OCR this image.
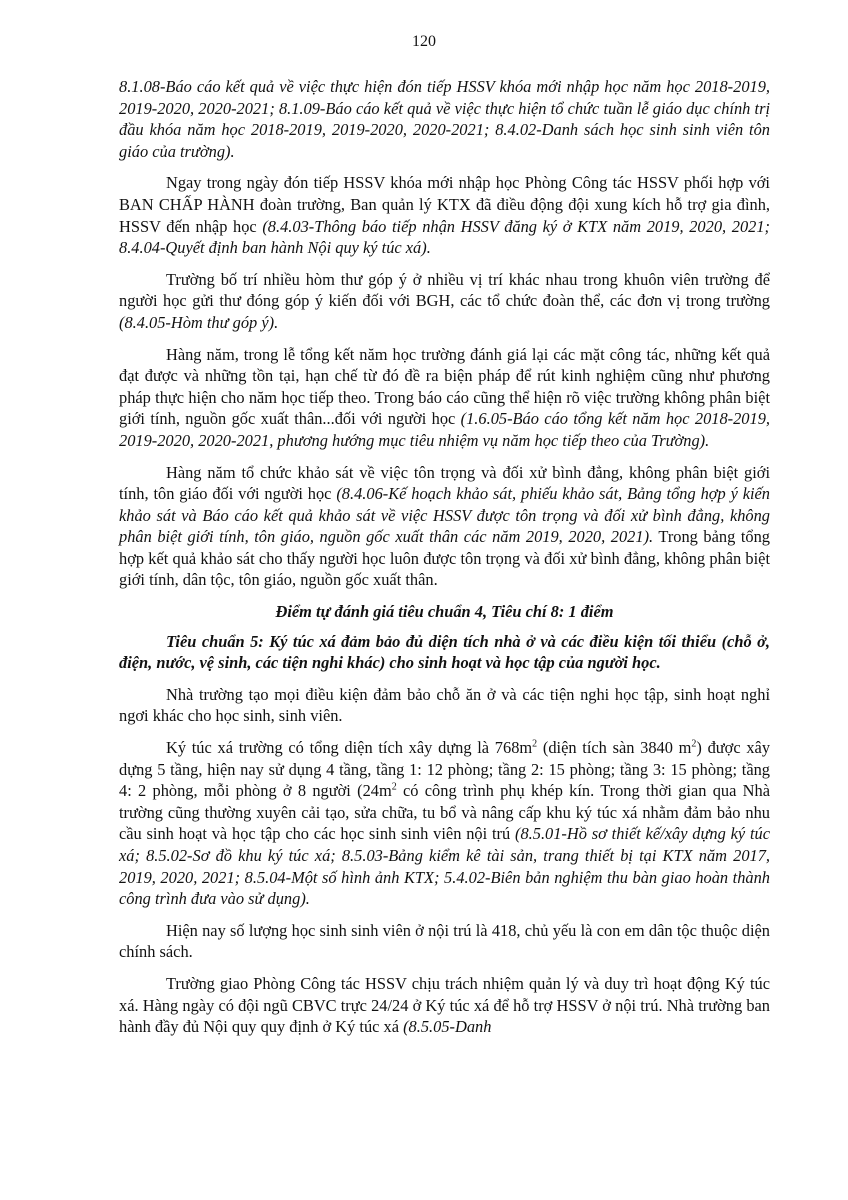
120

8.1.08-Báo cáo kết quả về việc thực hiện đón tiếp HSSV khóa mới nhập học năm học 2018-2019, 2019-2020, 2020-2021; 8.1.09-Báo cáo kết quả về việc thực hiện tổ chức tuần lễ giáo dục chính trị đầu khóa năm học 2018-2019, 2019-2020, 2020-2021; 8.4.02-Danh sách học sinh sinh viên tôn giáo của trường).

Ngay trong ngày đón tiếp HSSV khóa mới nhập học Phòng Công tác HSSV phối hợp với BAN CHẤP HÀNH đoàn trường, Ban quản lý KTX đã điều động đội xung kích hỗ trợ gia đình, HSSV đến nhập học (8.4.03-Thông báo tiếp nhận HSSV đăng ký ở KTX năm 2019, 2020, 2021; 8.4.04-Quyết định ban hành Nội quy ký túc xá).

Trường bố trí nhiều hòm thư góp ý ở nhiều vị trí khác nhau trong khuôn viên trường để người học gửi thư đóng góp ý kiến đối với BGH, các tổ chức đoàn thể, các đơn vị trong trường (8.4.05-Hòm thư góp ý).

Hàng năm, trong lễ tổng kết năm học trường đánh giá lại các mặt công tác, những kết quả đạt được và những tồn tại, hạn chế từ đó đề ra biện pháp để rút kinh nghiệm cũng như phương pháp thực hiện cho năm học tiếp theo. Trong báo cáo cũng thể hiện rõ việc trường không phân biệt giới tính, nguồn gốc xuất thân...đối với người học (1.6.05-Báo cáo tổng kết năm học 2018-2019, 2019-2020, 2020-2021, phương hướng mục tiêu nhiệm vụ năm học tiếp theo của Trường).

Hàng năm tổ chức khảo sát về việc tôn trọng và đối xử bình đẳng, không phân biệt giới tính, tôn giáo đối với người học (8.4.06-Kế hoạch khảo sát, phiếu khảo sát, Bảng tổng hợp ý kiến khảo sát và Báo cáo kết quả khảo sát về việc HSSV được tôn trọng và đối xử bình đẳng, không phân biệt giới tính, tôn giáo, nguồn gốc xuất thân các năm 2019, 2020, 2021). Trong bảng tổng hợp kết quả khảo sát cho thấy người học luôn được tôn trọng và đối xử bình đẳng, không phân biệt giới tính, dân tộc, tôn giáo, nguồn gốc xuất thân.

Điểm tự đánh giá tiêu chuẩn 4, Tiêu chí 8: 1 điểm

Tiêu chuẩn 5: Ký túc xá đảm bảo đủ diện tích nhà ở và các điều kiện tối thiểu (chỗ ở, điện, nước, vệ sinh, các tiện nghi khác) cho sinh hoạt và học tập của người học.

Nhà trường tạo mọi điều kiện đảm bảo chỗ ăn ở và các tiện nghi học tập, sinh hoạt nghỉ ngơi khác cho học sinh, sinh viên.

Ký túc xá trường có tổng diện tích xây dựng là $768m^2$ (diện tích sàn 3840 $m^2$) được xây dựng 5 tầng, hiện nay sử dụng 4 tầng, tầng 1: 12 phòng; tầng 2: 15 phòng; tầng 3: 15 phòng; tầng 4: 2 phòng, mỗi phòng ở 8 người ($24m^2$ có công trình phụ khép kín. Trong thời gian qua Nhà trường cũng thường xuyên cải tạo, sửa chữa, tu bổ và nâng cấp khu ký túc xá nhằm đảm bảo nhu cầu sinh hoạt và học tập cho các học sinh sinh viên nội trú (8.5.01-Hồ sơ thiết kế/xây dựng ký túc xá; 8.5.02-Sơ đồ khu ký túc xá; 8.5.03-Bảng kiểm kê tài sản, trang thiết bị tại KTX năm 2017, 2019, 2020, 2021; 8.5.04-Một số hình ảnh KTX; 5.4.02-Biên bản nghiệm thu bàn giao hoàn thành công trình đưa vào sử dụng).

Hiện nay số lượng học sinh sinh viên ở nội trú là 418, chủ yếu là con em dân tộc thuộc diện chính sách.

Trường giao Phòng Công tác HSSV chịu trách nhiệm quản lý và duy trì hoạt động Ký túc xá. Hàng ngày có đội ngũ CBVC trực 24/24 ở Ký túc xá để hỗ trợ HSSV ở nội trú. Nhà trường ban hành đầy đủ Nội quy quy định ở Ký túc xá (8.5.05-Danh
